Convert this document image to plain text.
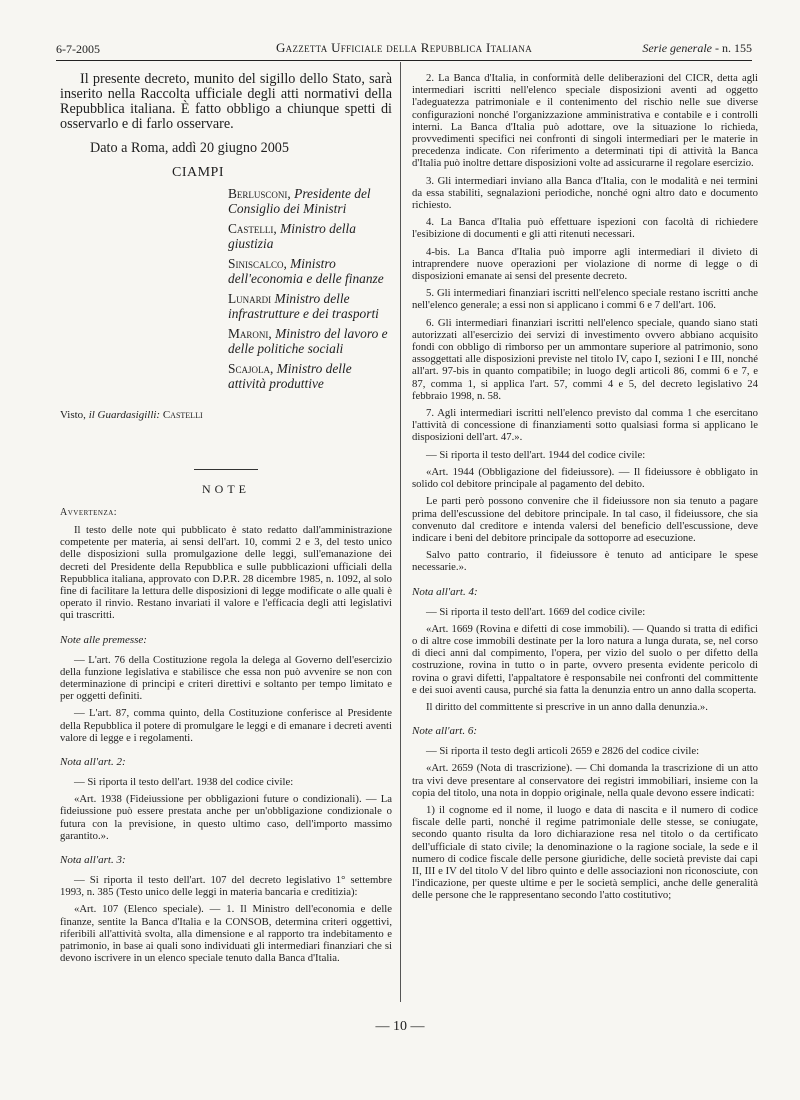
6-7-2005	Gazzetta Ufficiale della Repubblica Italiana	Serie generale - n. 155

Il presente decreto, munito del sigillo dello Stato, sarà inserito nella Raccolta ufficiale degli atti normativi della Repubblica italiana. È fatto obbligo a chiunque spetti di osservarlo e di farlo osservare.

Dato a Roma, addì 20 giugno 2005
CIAMPI
Berlusconi, Presidente del Consiglio dei Ministri
Castelli, Ministro della giustizia
Siniscalco, Ministro dell'economia e delle finanze
Lunardi Ministro delle infrastrutture e dei trasporti
Maroni, Ministro del lavoro e delle politiche sociali
Scajola, Ministro delle attività produttive
Visto, il Guardasigilli: Castelli
NOTE
Avvertenza:

Il testo delle note qui pubblicato è stato redatto dall'amministrazione competente per materia, ai sensi dell'art. 10, commi 2 e 3, del testo unico delle disposizioni sulla promulgazione delle leggi, sull'emanazione dei decreti del Presidente della Repubblica e sulle pubblicazioni ufficiali della Repubblica italiana, approvato con D.P.R. 28 dicembre 1985, n. 1092, al solo fine di facilitare la lettura delle disposizioni di legge modificate o alle quali è operato il rinvio. Restano invariati il valore e l'efficacia degli atti legislativi qui trascritti.

Note alle premesse:

— L'art. 76 della Costituzione regola la delega al Governo dell'esercizio della funzione legislativa e stabilisce che essa non può avvenire se non con determinazione di principi e criteri direttivi e soltanto per tempo limitato e per oggetti definiti.

— L'art. 87, comma quinto, della Costituzione conferisce al Presidente della Repubblica il potere di promulgare le leggi e di emanare i decreti aventi valore di legge e i regolamenti.

Nota all'art. 2:

— Si riporta il testo dell'art. 1938 del codice civile:

«Art. 1938 (Fideiussione per obbligazioni future o condizionali). — La fideiussione può essere prestata anche per un'obbligazione condizionale o futura con la previsione, in questo ultimo caso, dell'importo massimo garantito.».

Nota all'art. 3:

— Si riporta il testo dell'art. 107 del decreto legislativo 1° settembre 1993, n. 385 (Testo unico delle leggi in materia bancaria e creditizia):

«Art. 107 (Elenco speciale). — 1. Il Ministro dell'economia e delle finanze, sentite la Banca d'Italia e la CONSOB, determina criteri oggettivi, riferibili all'attività svolta, alla dimensione e al rapporto tra indebitamento e patrimonio, in base ai quali sono individuati gli intermediari finanziari che si devono iscrivere in un elenco speciale tenuto dalla Banca d'Italia.

2. La Banca d'Italia, in conformità delle deliberazioni del CICR, detta agli intermediari iscritti nell'elenco speciale disposizioni aventi ad oggetto l'adeguatezza patrimoniale e il contenimento del rischio nelle sue diverse configurazioni nonché l'organizzazione amministrativa e contabile e i controlli interni. La Banca d'Italia può adottare, ove la situazione lo richieda, provvedimenti specifici nei confronti di singoli intermediari per le materie in precedenza indicate. Con riferimento a determinati tipi di attività la Banca d'Italia può inoltre dettare disposizioni volte ad assicurarne il regolare esercizio.

3. Gli intermediari inviano alla Banca d'Italia, con le modalità e nei termini da essa stabiliti, segnalazioni periodiche, nonché ogni altro dato e documento richiesto.

4. La Banca d'Italia può effettuare ispezioni con facoltà di richiedere l'esibizione di documenti e gli atti ritenuti necessari.

4-bis. La Banca d'Italia può imporre agli intermediari il divieto di intraprendere nuove operazioni per violazione di norme di legge o di disposizioni emanate ai sensi del presente decreto.

5. Gli intermediari finanziari iscritti nell'elenco speciale restano iscritti anche nell'elenco generale; a essi non si applicano i commi 6 e 7 dell'art. 106.

6. Gli intermediari finanziari iscritti nell'elenco speciale, quando siano stati autorizzati all'esercizio dei servizi di investimento ovvero abbiano acquisito fondi con obbligo di rimborso per un ammontare superiore al patrimonio, sono assoggettati alle disposizioni previste nel titolo IV, capo I, sezioni I e III, nonché all'art. 97-bis in quanto compatibile; in luogo degli articoli 86, commi 6 e 7, e 87, comma 1, si applica l'art. 57, commi 4 e 5, del decreto legislativo 24 febbraio 1998, n. 58.

7. Agli intermediari iscritti nell'elenco previsto dal comma 1 che esercitano l'attività di concessione di finanziamenti sotto qualsiasi forma si applicano le disposizioni dell'art. 47.».

— Si riporta il testo dell'art. 1944 del codice civile:

«Art. 1944 (Obbligazione del fideiussore). — Il fideiussore è obbligato in solido col debitore principale al pagamento del debito.

Le parti però possono convenire che il fideiussore non sia tenuto a pagare prima dell'escussione del debitore principale. In tal caso, il fideiussore, che sia convenuto dal creditore e intenda valersi del beneficio dell'escussione, deve indicare i beni del debitore principale da sottoporre ad esecuzione.

Salvo patto contrario, il fideiussore è tenuto ad anticipare le spese necessarie.».

Nota all'art. 4:

— Si riporta il testo dell'art. 1669 del codice civile:

«Art. 1669 (Rovina e difetti di cose immobili). — Quando si tratta di edifici o di altre cose immobili destinate per la loro natura a lunga durata, se, nel corso di dieci anni dal compimento, l'opera, per vizio del suolo o per difetto della costruzione, rovina in tutto o in parte, ovvero presenta evidente pericolo di rovina o gravi difetti, l'appaltatore è responsabile nei confronti del committente e dei suoi aventi causa, purché sia fatta la denunzia entro un anno dalla scoperta.

Il diritto del committente si prescrive in un anno dalla denunzia.».

Note all'art. 6:

— Si riporta il testo degli articoli 2659 e 2826 del codice civile:

«Art. 2659 (Nota di trascrizione). — Chi domanda la trascrizione di un atto tra vivi deve presentare al conservatore dei registri immobiliari, insieme con la copia del titolo, una nota in doppio originale, nella quale devono essere indicati:

1) il cognome ed il nome, il luogo e data di nascita e il numero di codice fiscale delle parti, nonché il regime patrimoniale delle stesse, se coniugate, secondo quanto risulta da loro dichiarazione resa nel titolo o da certificato dell'ufficiale di stato civile; la denominazione o la ragione sociale, la sede e il numero di codice fiscale delle persone giuridiche, delle società previste dai capi II, III e IV del titolo V del libro quinto e delle associazioni non riconosciute, con l'indicazione, per queste ultime e per le società semplici, anche delle generalità delle persone che le rappresentano secondo l'atto costitutivo;

— 10 —
